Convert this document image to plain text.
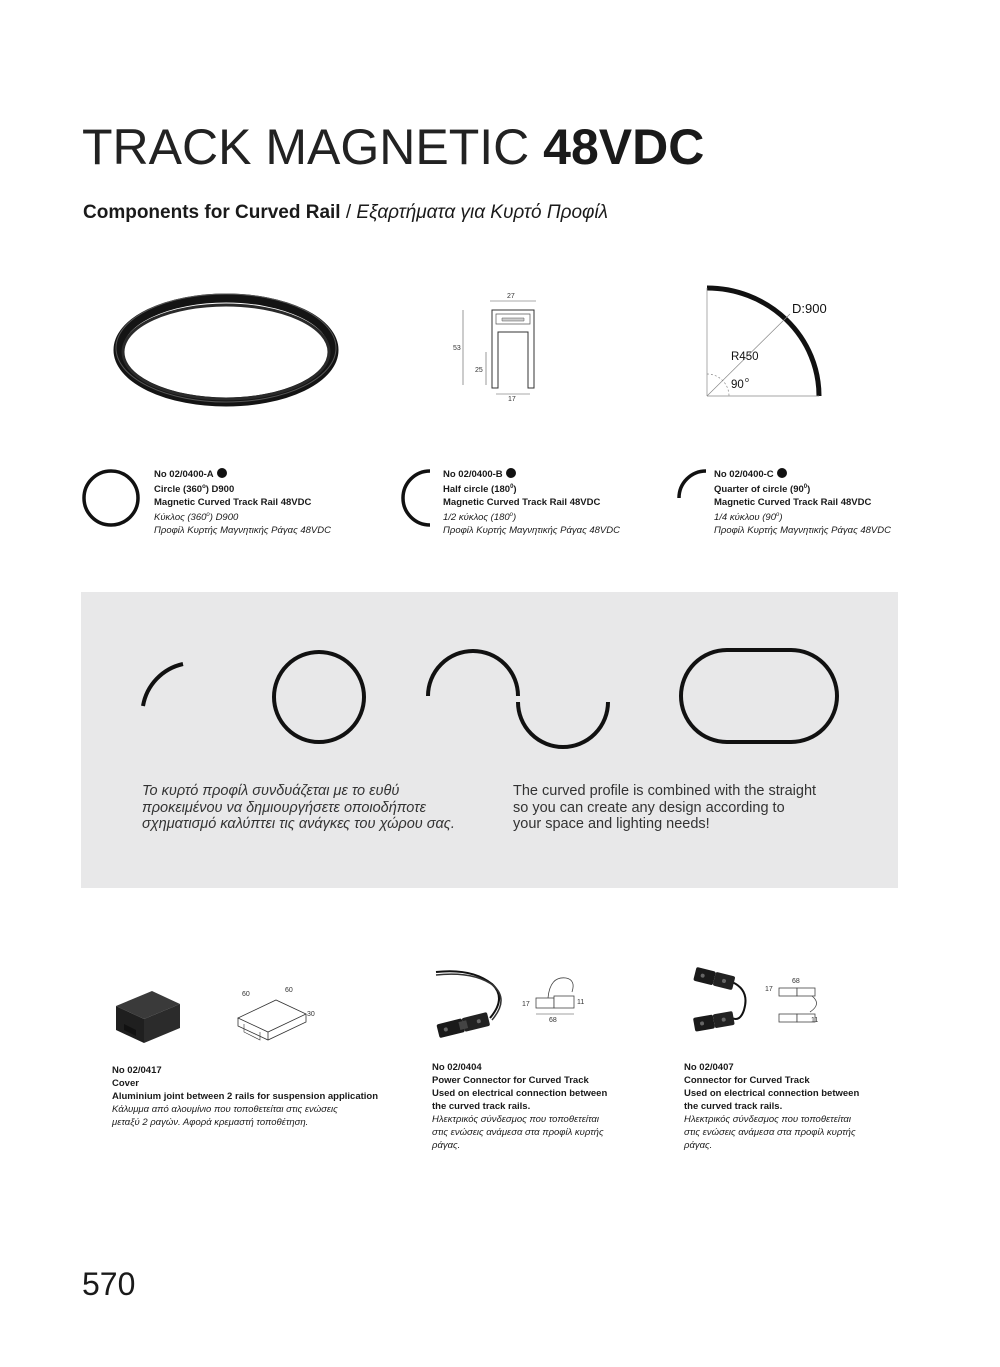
TRACK MAGNETIC 48VDC
Components for Curved Rail / Εξαρτήματα για Κυρτό Προφίλ
27
53
25
17
D:900
R450
90 o
No 02/0400-A
Circle (360$^o$) D900
Magnetic Curved Track Rail 48VDC
Κύκλος (360$^o$) D900
Προφίλ Κυρτής Μαγνητικής Ράγας 48VDC
No 02/0400-B
Half circle $(180^0)$
Magnetic Curved Track Rail 48VDC
1/2 κύκλος (180$^o$)
Προφίλ Κυρτής Μαγνητικής Ράγας 48VDC
No 02/0400-C
Quarter of circle $(90^0)$
Magnetic Curved Track Rail 48VDC
1/4 κύκλου (90$^o$)
Προφίλ Κυρτής Μαγνητικής Ράγας 48VDC
Το κυρτό προφίλ συνδυάζεται με το ευθύ
προκειμένου να δημιουργήσετε οποιοδήποτε
σχηματισμό καλύπτει τις ανάγκες του χώρου σας.
The curved profile is combined with the straight
so you can create any design according to
your space and lighting needs!
60
60
30
17	11
68
68
17
11
No 02/0417
Cover
Aluminium joint between 2 rails for suspension application
Κάλυμμα από αλουμίνιο που τοποθετείται στις ενώσεις
μεταξύ 2 ραγών. Αφορά κρεμαστή τοποθέτηση.
No 02/0404
Power Connector for Curved Track
Used on electrical connection between
the curved track rails.
Ηλεκτρικός σύνδεσμος που τοποθετείται
στις ενώσεις ανάμεσα στα προφίλ κυρτής
ράγας.
No 02/0407
Connector for Curved Track
Used on electrical connection between
the curved track rails.
Ηλεκτρικός σύνδεσμος που τοποθετείται
στις ενώσεις ανάμεσα στα προφίλ κυρτής
ράγας.
570
